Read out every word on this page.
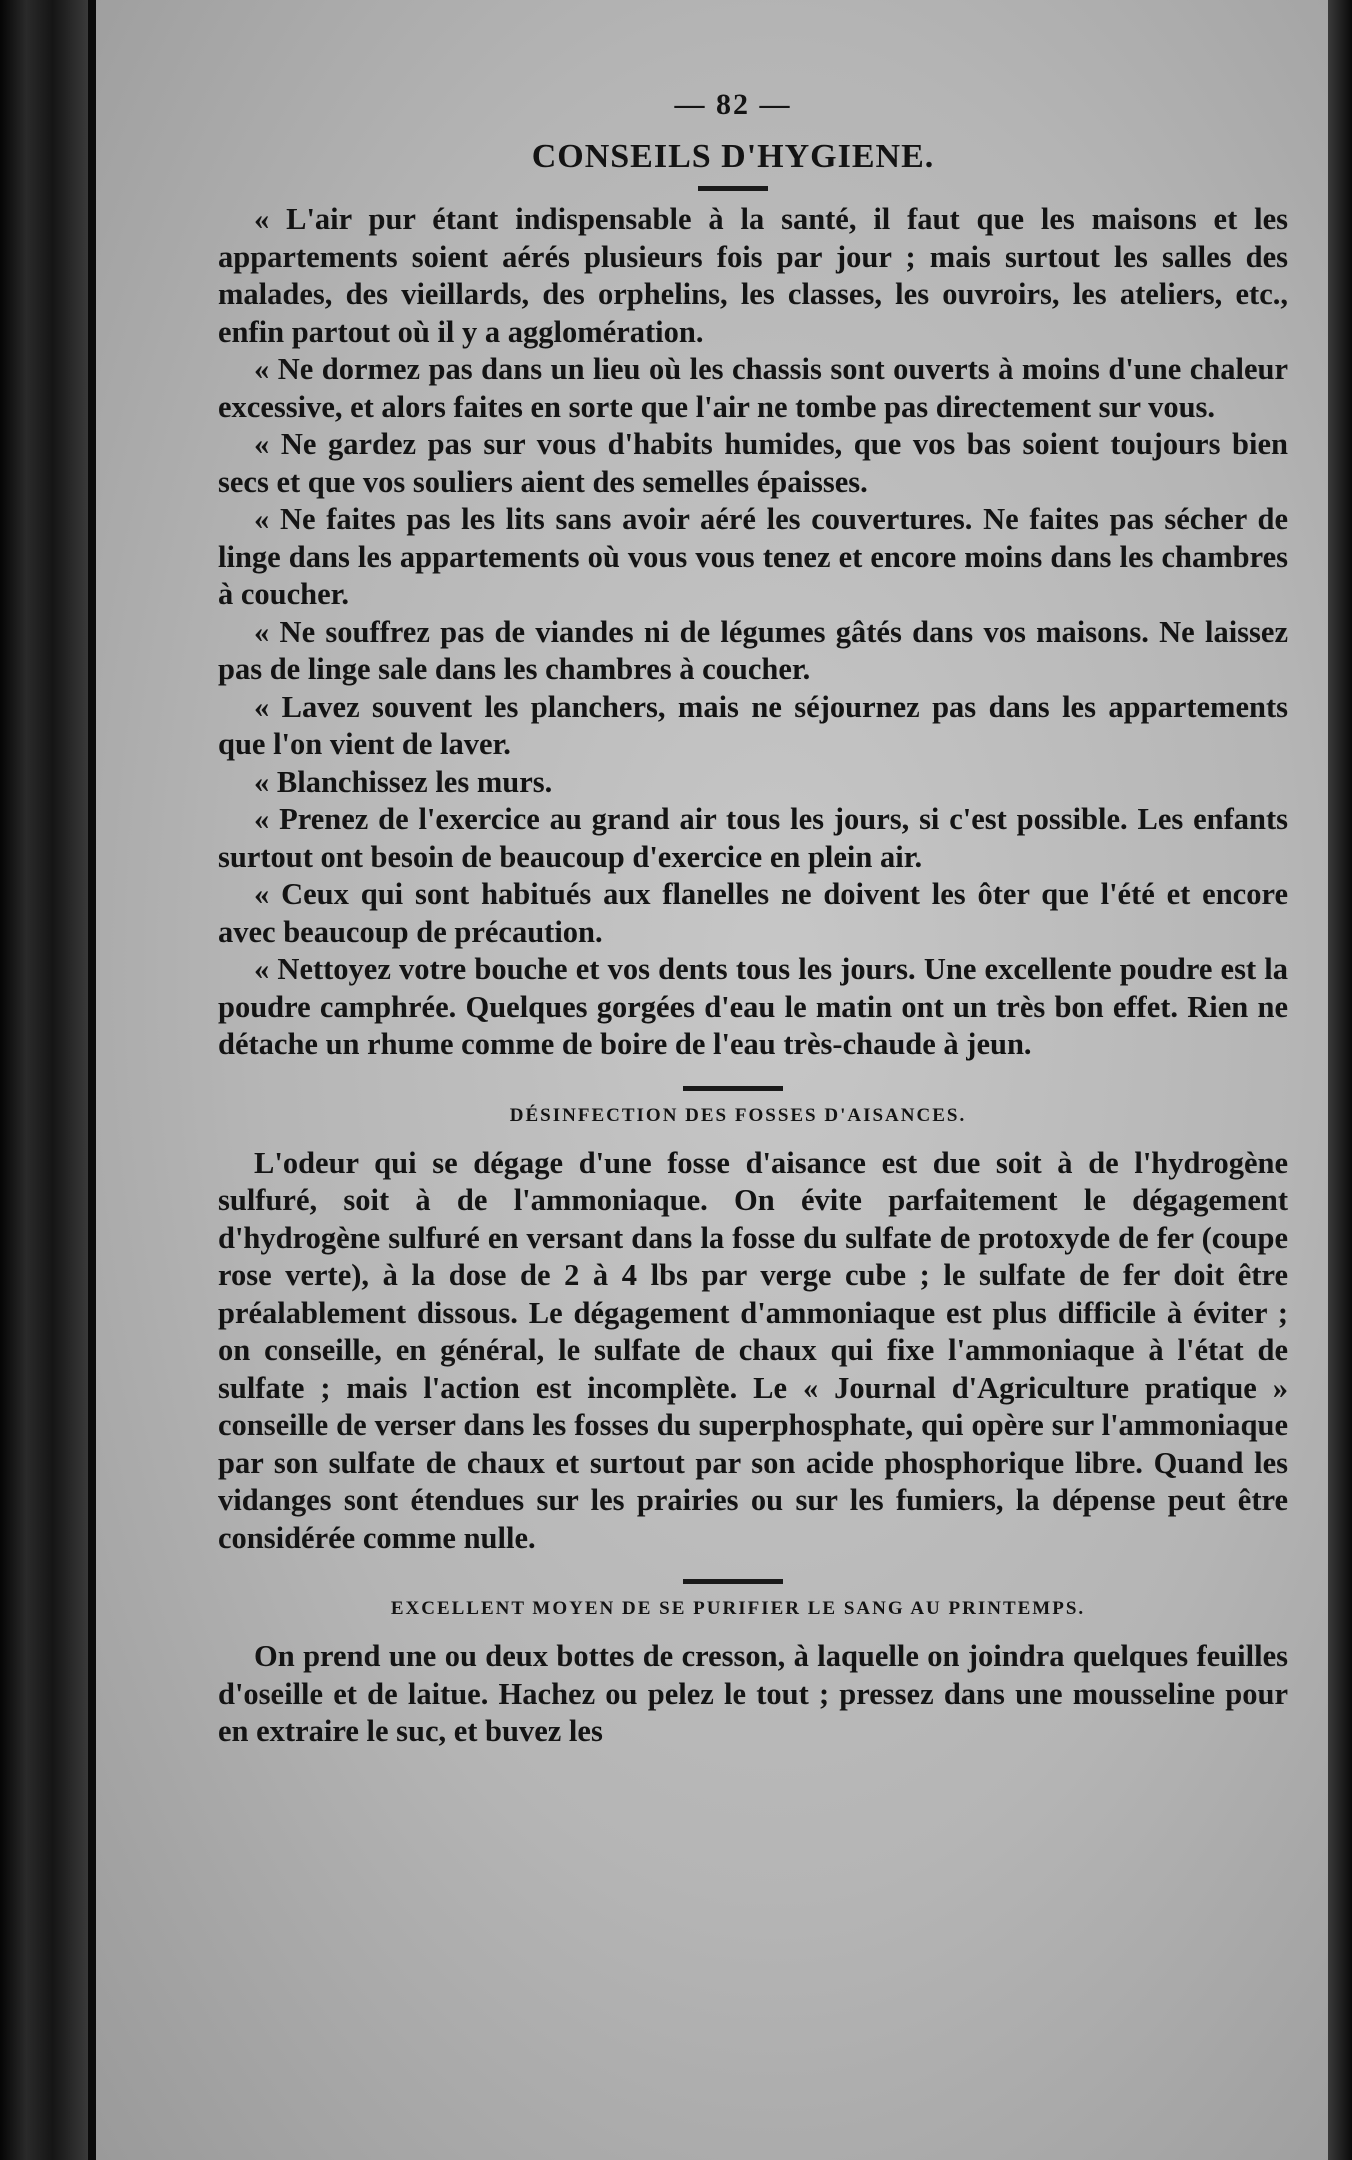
— 82 —
CONSEILS D'HYGIENE.

« L'air pur étant indispensable à la santé, il faut que les maisons et les appartements soient aérés plusieurs fois par jour ; mais surtout les salles des malades, des vieillards, des orphelins, les classes, les ouvroirs, les ateliers, etc., enfin partout où il y a agglomération.

« Ne dormez pas dans un lieu où les chassis sont ouverts à moins d'une chaleur excessive, et alors faites en sorte que l'air ne tombe pas directement sur vous.

« Ne gardez pas sur vous d'habits humides, que vos bas soient toujours bien secs et que vos souliers aient des semelles épaisses.

« Ne faites pas les lits sans avoir aéré les couvertures. Ne faites pas sécher de linge dans les appartements où vous vous tenez et encore moins dans les chambres à coucher.

« Ne souffrez pas de viandes ni de légumes gâtés dans vos maisons. Ne laissez pas de linge sale dans les chambres à coucher.

« Lavez souvent les planchers, mais ne séjournez pas dans les appartements que l'on vient de laver.

« Blanchissez les murs.

« Prenez de l'exercice au grand air tous les jours, si c'est possible. Les enfants surtout ont besoin de beaucoup d'exercice en plein air.

« Ceux qui sont habitués aux flanelles ne doivent les ôter que l'été et encore avec beaucoup de précaution.

« Nettoyez votre bouche et vos dents tous les jours. Une excellente poudre est la poudre camphrée. Quelques gorgées d'eau le matin ont un très bon effet. Rien ne détache un rhume comme de boire de l'eau très-chaude à jeun.

DÉSINFECTION DES FOSSES D'AISANCES.

L'odeur qui se dégage d'une fosse d'aisance est due soit à de l'hydrogène sulfuré, soit à de l'ammoniaque. On évite parfaitement le dégagement d'hydrogène sulfuré en versant dans la fosse du sulfate de protoxyde de fer (coupe rose verte), à la dose de 2 à 4 lbs par verge cube ; le sulfate de fer doit être préalablement dissous. Le dégagement d'ammoniaque est plus difficile à éviter ; on conseille, en général, le sulfate de chaux qui fixe l'ammoniaque à l'état de sulfate ; mais l'action est incomplète. Le « Journal d'Agriculture pratique » conseille de verser dans les fosses du superphosphate, qui opère sur l'ammoniaque par son sulfate de chaux et surtout par son acide phosphorique libre. Quand les vidanges sont étendues sur les prairies ou sur les fumiers, la dépense peut être considérée comme nulle.

EXCELLENT MOYEN DE SE PURIFIER LE SANG AU PRINTEMPS.

On prend une ou deux bottes de cresson, à laquelle on joindra quelques feuilles d'oseille et de laitue. Hachez ou pelez le tout ; pressez dans une mousseline pour en extraire le suc, et buvez les
